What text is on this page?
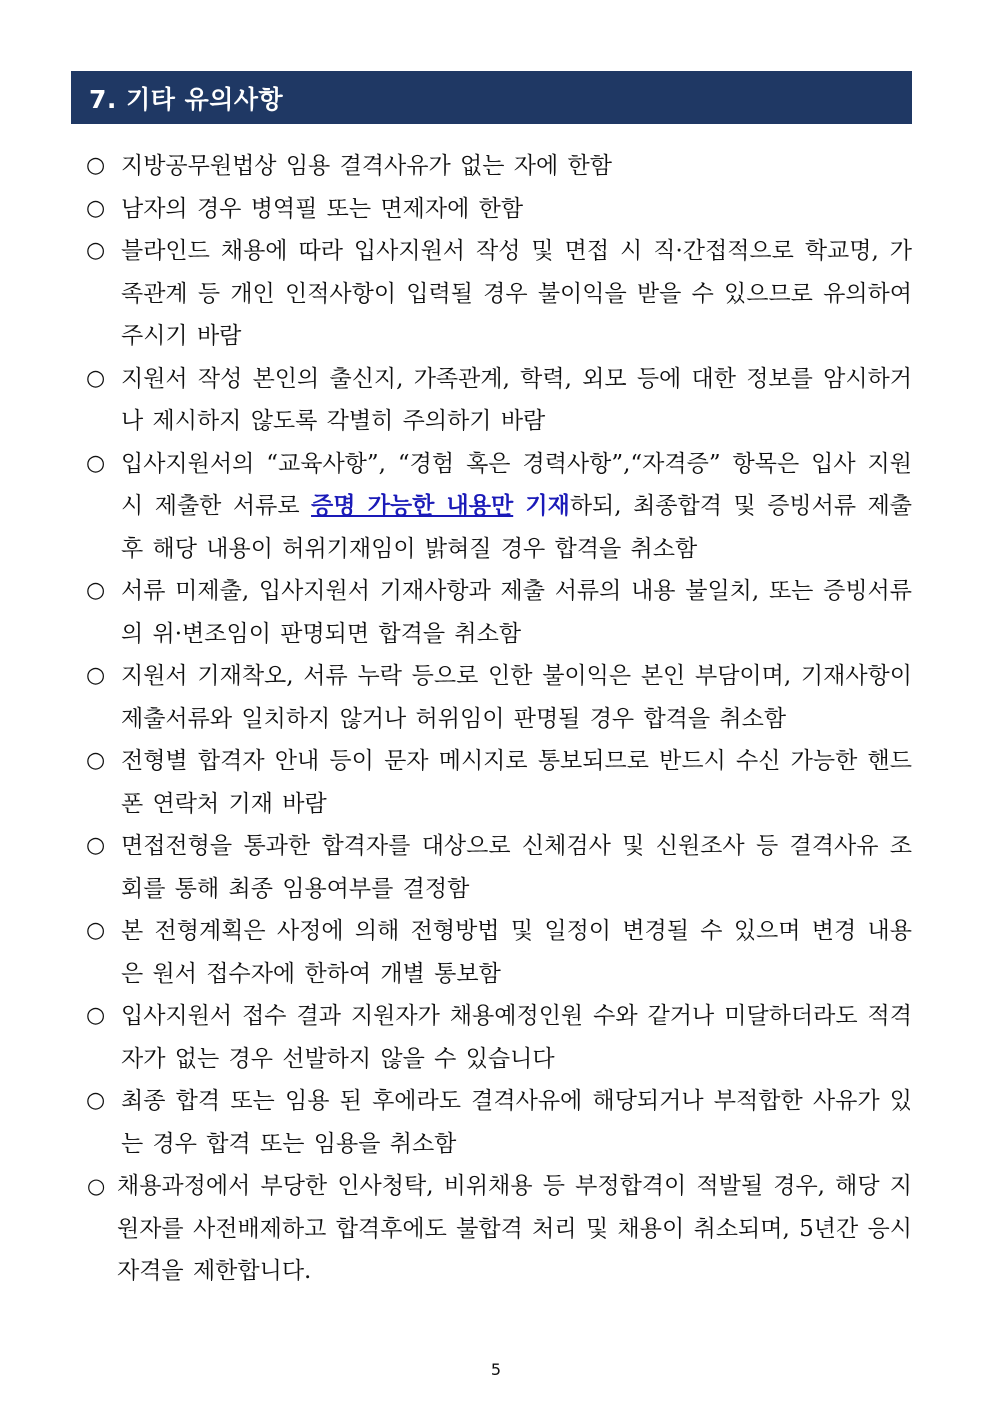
7. 기타 유의사항
○ 지방공무원법상 임용 결격사유가 없는 자에 한함
○ 남자의 경우 병역필 또는 면제자에 한함
○ 블라인드 채용에 따라 입사지원서 작성 및 면접 시 직·간접적으로 학교명, 가족관계 등 개인 인적사항이 입력될 경우 불이익을 받을 수 있으므로 유의하여 주시기 바람
○ 지원서 작성 본인의 출신지, 가족관계, 학력, 외모 등에 대한 정보를 암시하거나 제시하지 않도록 각별히 주의하기 바람
○ 입사지원서의 “교육사항”, “경험 혹은 경력사항”,“자격증” 항목은 입사 지원 시 제출한 서류로 증명 가능한 내용만 기재하되, 최종합격 및 증빙서류 제출 후 해당 내용이 허위기재임이 밝혀질 경우 합격을 취소함
○ 서류 미제출, 입사지원서 기재사항과 제출 서류의 내용 불일치, 또는 증빙서류의 위·변조임이 판명되면 합격을 취소함
○ 지원서 기재착오, 서류 누락 등으로 인한 불이익은 본인 부담이며, 기재사항이 제출서류와 일치하지 않거나 허위임이 판명될 경우 합격을 취소함
○ 전형별 합격자 안내 등이 문자 메시지로 통보되므로 반드시 수신 가능한 핸드폰 연락처 기재 바람
○ 면접전형을 통과한 합격자를 대상으로 신체검사 및 신원조사 등 결격사유 조회를 통해 최종 임용여부를 결정함
○ 본 전형계획은 사정에 의해 전형방법 및 일정이 변경될 수 있으며 변경 내용은 원서 접수자에 한하여 개별 통보함
○ 입사지원서 접수 결과 지원자가 채용예정인원 수와 같거나 미달하더라도 적격자가 없는 경우 선발하지 않을 수 있습니다
○ 최종 합격 또는 임용 된 후에라도 결격사유에 해당되거나 부적합한 사유가 있는 경우 합격 또는 임용을 취소함
○ 채용과정에서 부당한 인사청탁, 비위채용 등 부정합격이 적발될 경우, 해당 지원자를 사전배제하고 합격후에도 불합격 처리 및 채용이 취소되며, 5년간 응시자격을 제한합니다.
5
